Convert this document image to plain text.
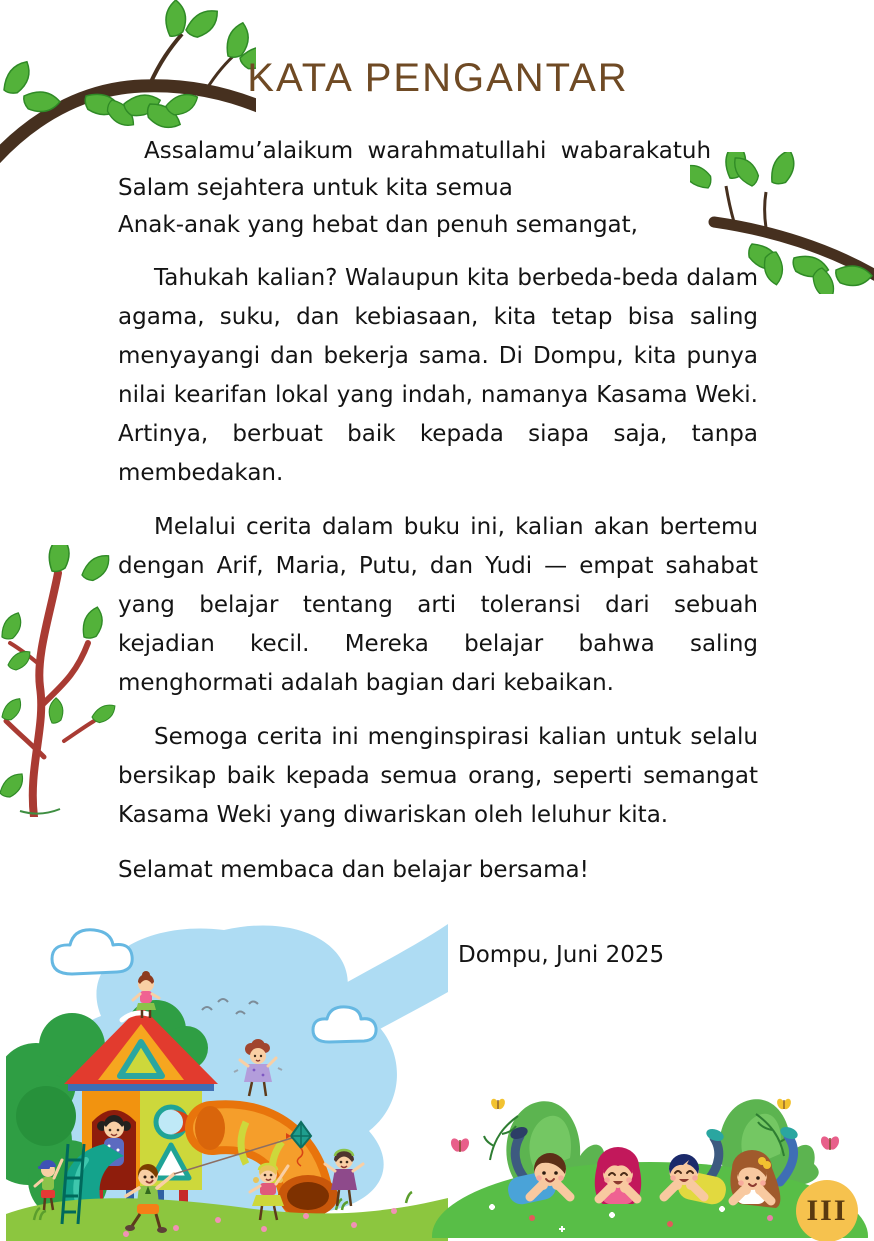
KATA PENGANTAR
Assalamu’alaikum warahmatullahi wabarakatuh
Salam sejahtera untuk kita semua
Anak-anak yang hebat dan penuh semangat,

Tahukah kalian? Walaupun kita berbeda-beda dalam agama, suku, dan kebiasaan, kita tetap bisa saling menyayangi dan bekerja sama. Di Dompu, kita punya nilai kearifan lokal yang indah, namanya Kasama Weki. Artinya, berbuat baik kepada siapa saja, tanpa membedakan.

Melalui cerita dalam buku ini, kalian akan bertemu dengan Arif, Maria, Putu, dan Yudi — empat sahabat yang belajar tentang arti toleransi dari sebuah kejadian kecil. Mereka belajar bahwa saling menghormati adalah bagian dari kebaikan.

Semoga cerita ini menginspirasi kalian untuk selalu bersikap baik kepada semua orang, seperti semangat Kasama Weki yang diwariskan oleh leluhur kita.

Selamat membaca dan belajar bersama!
Dompu, Juni 2025
III
